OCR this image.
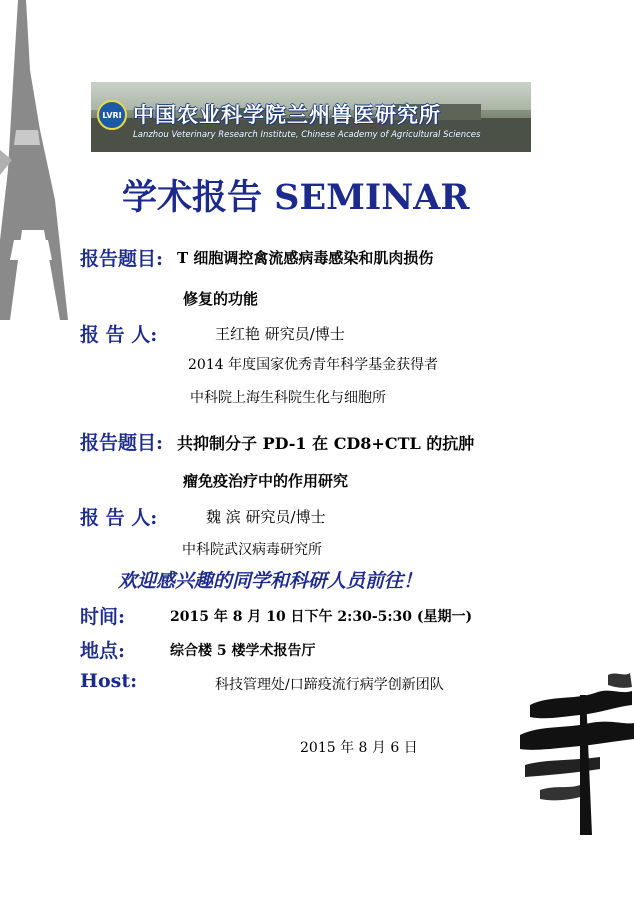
LVRI 中国农业科学院兰州兽医研究所
Lanzhou Veterinary Research Institute, Chinese Academy of Agricultural Sciences
学术报告 SEMINAR
报告题目: T 细胞调控禽流感病毒感染和肌肉损伤
修复的功能
报 告 人:	王红艳 研究员/博士
2014 年度国家优秀青年科学基金获得者
中科院上海生科院生化与细胞所
报告题目: 共抑制分子 PD-1 在 CD8+CTL 的抗肿
瘤免疫治疗中的作用研究
报 告 人:	魏 滨 研究员/博士
中科院武汉病毒研究所
欢迎感兴趣的同学和科研人员前往！
时间:	2015 年 8 月 10 日下午 2:30-5:30 (星期一)
地点:	综合楼 5 楼学术报告厅
Host:	科技管理处/口蹄疫流行病学创新团队
2015 年 8 月 6 日
